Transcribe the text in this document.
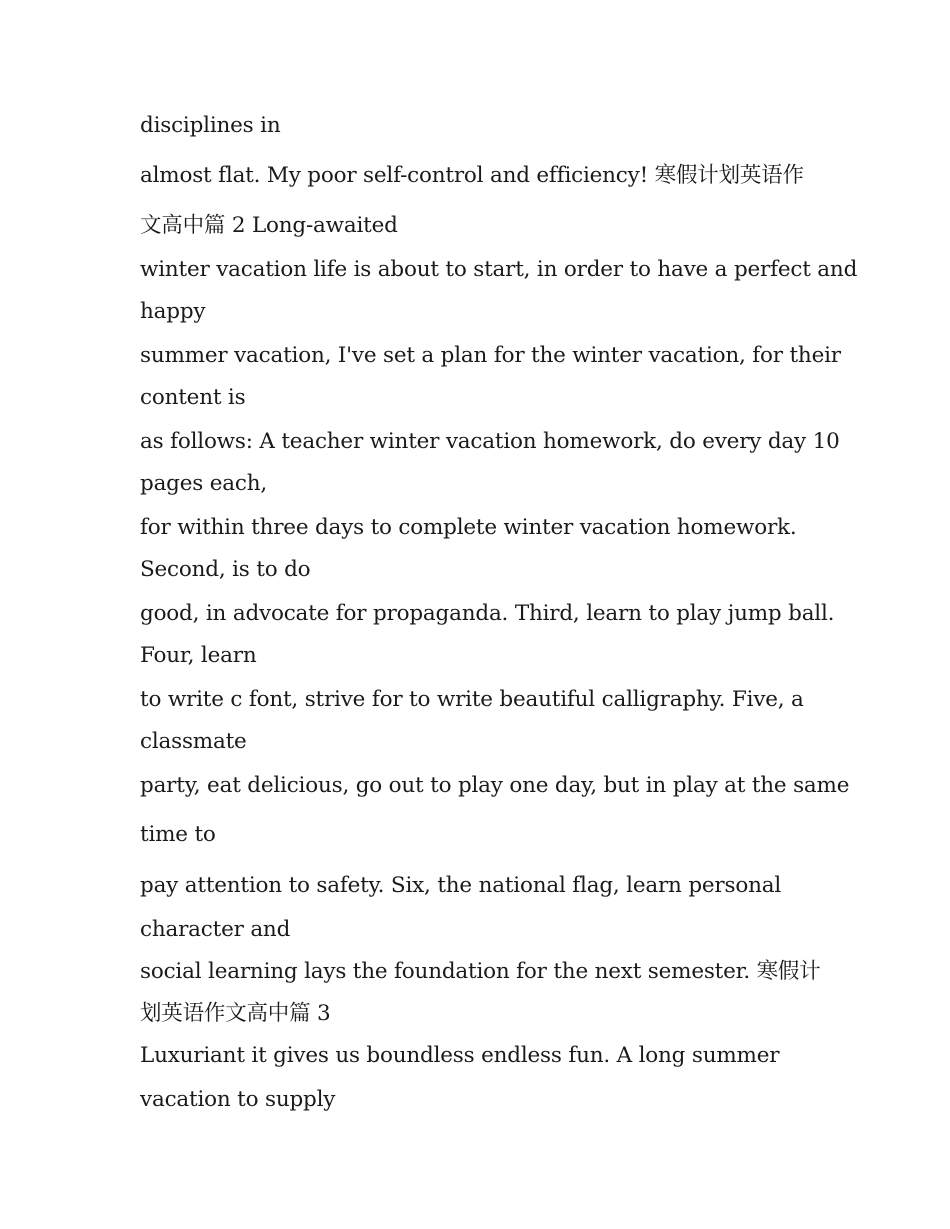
disciplines in

almost flat. My poor self-control and efficiency! 寒假计划英语作

文高中篇 2 Long-awaited

winter vacation life is about to start, in order to have a perfect and

happy

summer vacation, I've set a plan for the winter vacation, for their

content is

as follows: A teacher winter vacation homework, do every day 10

pages each,

for within three days to complete winter vacation homework.

Second, is to do

good, in advocate for propaganda. Third, learn to play jump ball.

Four, learn

to write c font, strive for to write beautiful calligraphy. Five, a

classmate

party, eat delicious, go out to play one day, but in play at the same

time to

pay attention to safety. Six, the national flag, learn personal

character and

social learning lays the foundation for the next semester. 寒假计

划英语作文高中篇 3

Luxuriant it gives us boundless endless fun. A long summer

vacation to supply
